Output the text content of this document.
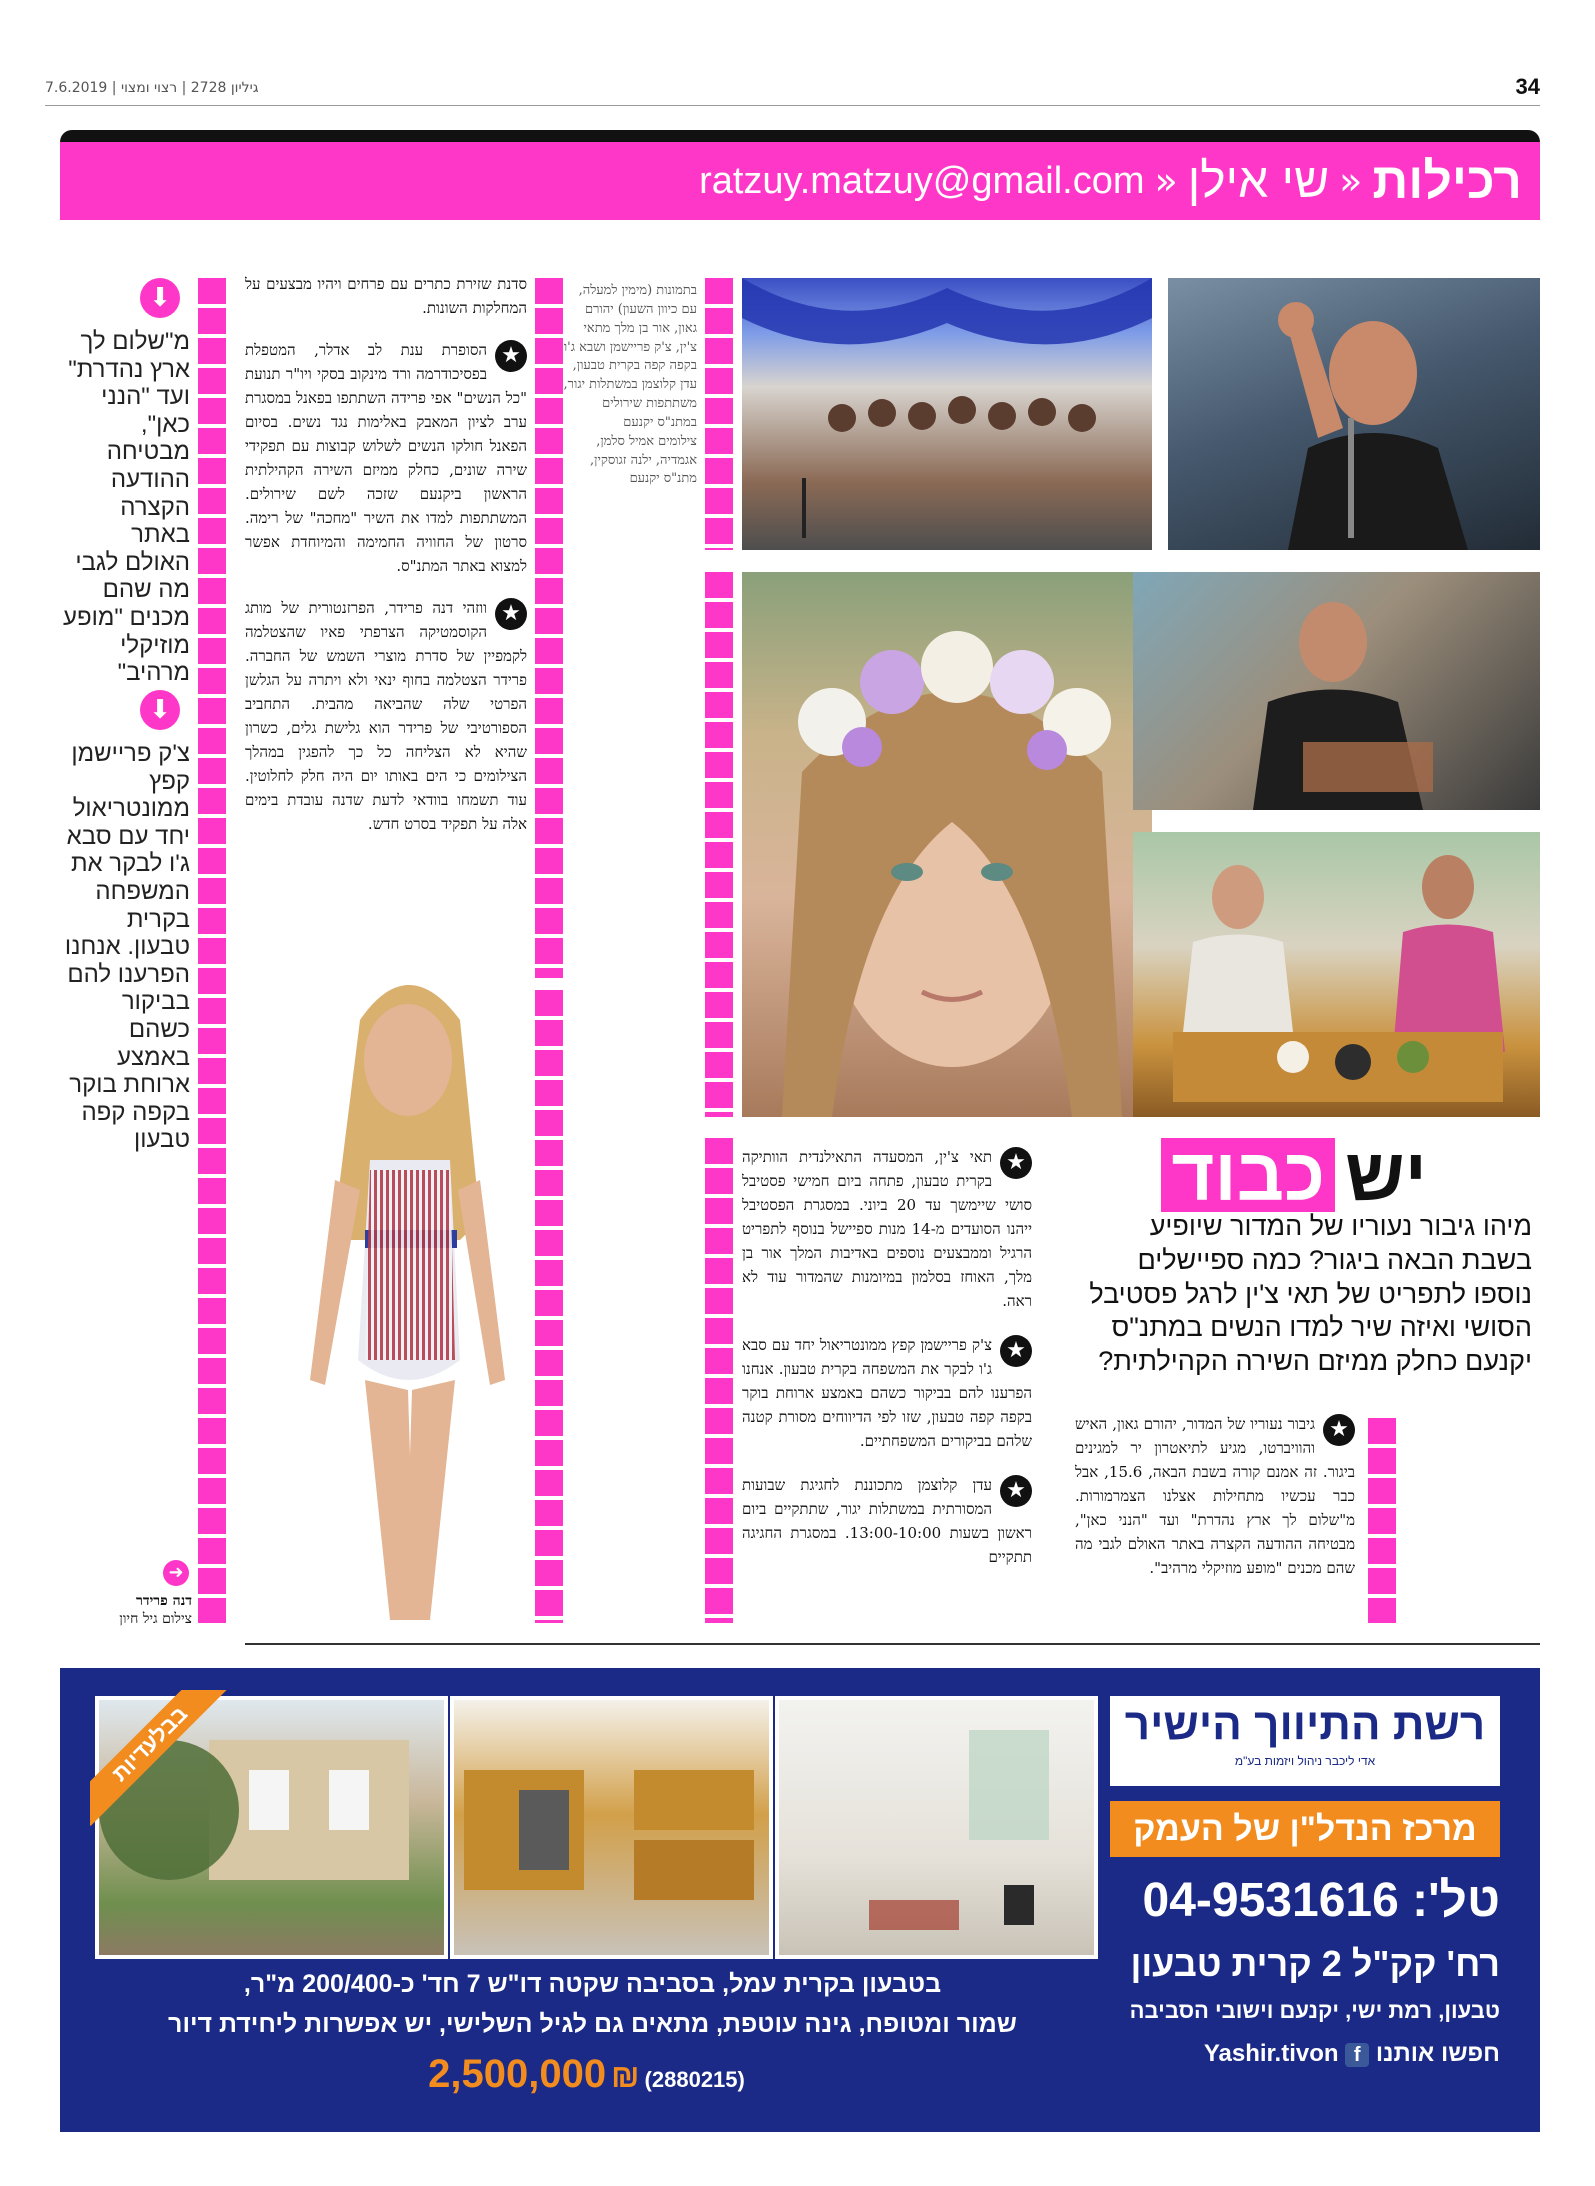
7.6.2019 | גיליון 2728 | רצוי ומצוי	34
רכילות
«
שי אילן
«
ratzuy.matzuy@gmail.com
בתמונות (מימין למעלה, עם כיוון השעון) יהורם גאון, אור בן מלך מתאי צ'ין, צ'ק פריישמן ושבא ג'ו בקפה קפה בקרית טבעון, עדן קלוצמן במשתלות יגור, משתתפות שירולים במתנ"ס יקנעם
צילומים אמיל סלמן, אגמדיה, ילנה זגוסקין, מתנ"ס יקנעם
יש
כבוד
מיהו גיבור נעוריו של המדור שיופיע בשבת הבאה ביגור? כמה ספיישלים נוספו לתפריט של תאי צ'ין לרגל פסטיבל הסושי ואיזה שיר למדו הנשים במתנ"ס יקנעם כחלק ממיזם השירה הקהילתית?
★
גיבור נעוריו של המדור, יהורם גאון, האיש והוויברטו, מגיע לתיאטרון יר למגינים ביגור. זה אמנם קורה בשבת הבאה, 15.6, אבל כבר עכשיו מתחילות אצלנו הצמרמורות. מ"שלום לך ארץ נהדרת" ועד "הנני כאן", מבטיחה ההודעה הקצרה באתר האולם לגבי מה שהם מכנים "מופע מוזיקלי מרהיב".

★
תאי צ'ין, המסעדה התאילנדית הוותיקה בקרית טבעון, פתחה ביום חמישי פסטיבל סושי שיימשך עד 20 ביוני. במסגרת הפסטיבל ייהנו הסועדים מ-14 מנות ספיישל בנוסף לתפריט הרגיל וממבצעים נוספים באדיבות המלך אור בן מלך, האוחז בסלמון במיומנות שהמדור עוד לא ראה.

★
צ'ק פריישמן קפץ ממונטריאול יחד עם סבא ג'ו לבקר את המשפחה בקרית טבעון. אנחנו הפרענו להם בביקור כשהם באמצע ארוחת בוקר בקפה קפה טבעון, שזו לפי הדיווחים מסורת קטנה שלהם בביקורים המשפחתיים.

★
עדן קלוצמן מתכוננת לחגיגת שבועות המסורתית במשתלות יגור, שתתקיים ביום ראשון בשעות 13:00-10:00. במסגרת החגיגה תתקיים

סדנת שזירת כתרים עם פרחים ויהיו מבצעים על המחלקות השונות.

★
הסופרת ענת לב אדלר, המטפלת בפסיכודרמה ורד מינקוב בסקי ויו"ר תנועת "כל הנשים" אפי פרידה השתתפו בפאנל במסגרת ערב לציון המאבק באלימות נגד נשים. בסיום הפאנל חולקו הנשים לשלוש קבוצות עם תפקידי שירה שונים, כחלק ממיזם השירה הקהילתית הראשון ביקנעם שזכה לשם שירולים. המשתתפות למדו את השיר "מחכה" של רימה. סרטון של החוויה החמימה והמיוחדת אפשר למצוא באתר המתנ"ס.

★
ווזהי דנה פרידר, הפרזנטורית של מותג הקוסמטיקה הצרפתי פאיו שהצטלמה לקמפיין של סדרת מוצרי השמש של החברה. פרידר הצטלמה בחוף ינאי ולא ויתרה על הגלשן הפרטי שלה שהביאה מהבית. התחביב הספורטיבי של פרידר הוא גלישת גלים, כשרון שהיא לא הצליחה כל כך להפגין במהלך הצילומים כי הים באותו יום היה חלק לחלוטין. עוד תשמחו בוודאי לדעת שדנה עובדת בימים אלה על תפקיד בסרט חדש.

⬇
מ"שלום לך ארץ נהדרת" ועד "הנני כאן", מבטיחה ההודעה הקצרה באתר האולם לגבי מה שהם מכנים "מופע מוזיקלי מרהיב"
⬇
צ'ק פריישמן קפץ ממונטריאול יחד עם סבא ג'ו לבקר את המשפחה בקרית טבעון. אנחנו הפרענו להם בביקור כשהם באמצע ארוחת בוקר בקפה קפה טבעון
➜
דנה פרידר
צילום גיל חיון
רשת התיווך הישיר
אדי ליכבר ניהול ויזמות בע"מ
מרכז הנדל"ן של העמק
טל': 04-9531616
רח' קק"ל 2 קרית טבעון
טבעון, רמת ישי, יקנעם וישובי הסביבה
חפשו אותנו f Yashir.tivon
בבלעדיות
בטבעון בקרית עמל, בסביבה שקטה דו"ש 7 חד' כ-200/400 מ"ר,
שמור ומטופח, גינה עוטפת, מתאים גם לגיל השלישי, יש אפשרות ליחידת דיור
2,500,000 ₪ (2880215)
